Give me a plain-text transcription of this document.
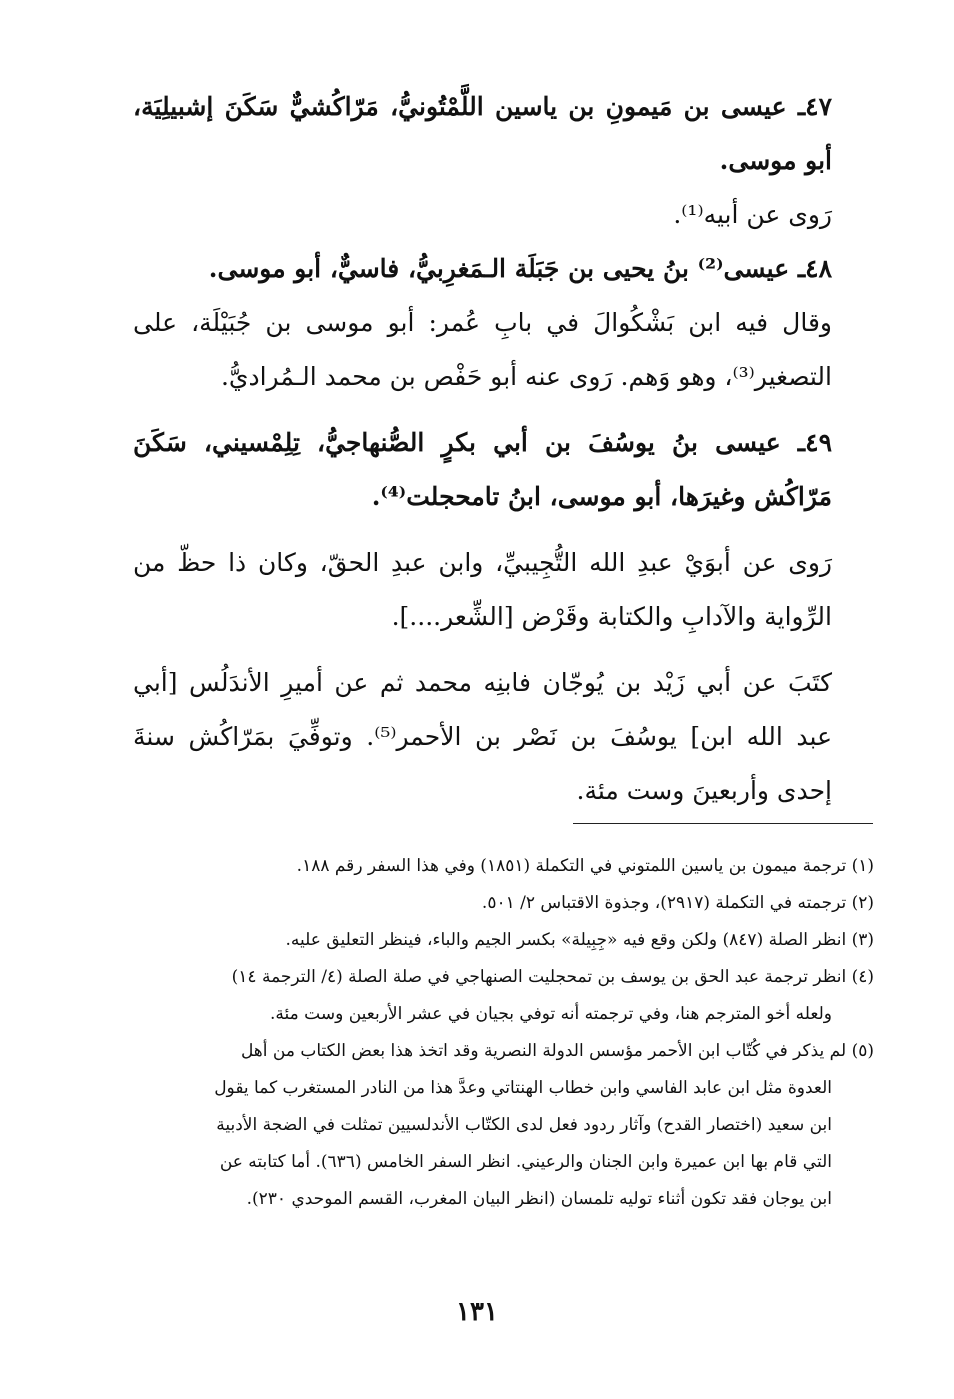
٤٧ـ عيسى بن مَيمونِ بن ياسين اللَّمْتُونيُّ، مَرّاكُشيٌّ سَكَنَ إشبيلِيَة، أبو موسى.

رَوى عن أبيه⁽¹⁾.

٤٨ـ عيسى⁽²⁾ بنُ يحيى بن جَبَلَة الـمَغرِبيُّ، فاسيٌّ، أبو موسى.

وقال فيه ابن بَشْكُوالَ في بابِ عُمر: أبو موسى بن جُبَيْلَة، على التصغير⁽³⁾، وهو وَهم. رَوى عنه أبو حَفْص بن محمد الـمُراديُّ.

٤٩ـ عيسى بنُ يوسُفَ بن أبي بكرٍ الصُّنهاجيُّ، تِلِمْسيني، سَكَنَ مَرّاكُش وغيرَها، أبو موسى، ابنُ تامحجلت⁽⁴⁾.

رَوى عن أبوَيْ عبدِ الله التُّجِيبيِّ، وابن عبدِ الحقّ، وكان ذا حظّ من الرِّواية والآدابِ والكتابة وقَرْض [الشِّعر....].

كتَبَ عن أبي زَيْد بن يُوجّان فابنِه محمد ثم عن أميرِ الأندَلُس [أبي عبد الله ابن] يوسُفَ بن نَصْر بن الأحمر⁽⁵⁾. وتوفِّيَ بمَرّاكُش سنةَ إحدى وأربعينَ وست مئة.

(١) ترجمة ميمون بن ياسين اللمتوني في التكملة (١٨٥١) وفي هذا السفر رقم ١٨٨.

(٢) ترجمته في التكملة (٢٩١٧)، وجذوة الاقتباس ٢/ ٥٠١.

(٣) انظر الصلة (٨٤٧) ولكن وقع فيه «جِبِيلة» بكسر الجيم والباء، فينظر التعليق عليه.

(٤) انظر ترجمة عبد الحق بن يوسف بن تمحجليت الصنهاجي في صلة الصلة (٤/ الترجمة ١٤)

ولعله أخو المترجم هنا، وفي ترجمته أنه توفي بجيان في عشر الأربعين وست مئة.

(٥) لم يذكر في كُتّاب ابن الأحمر مؤسس الدولة النصرية وقد اتخذ هذا بعض الكتاب من أهل

العدوة مثل ابن عابد الفاسي وابن خطاب الهنتاتي وعدَّ هذا من النادر المستغرب كما يقول

ابن سعيد (اختصار القدح) وآثار ردود فعل لدى الكتّاب الأندلسيين تمثلت في الضجة الأدبية

التي قام بها ابن عميرة وابن الجنان والرعيني. انظر السفر الخامس (٦٣٦). أما كتابته عن

ابن يوجان فقد تكون أثناء توليه تلمسان (انظر البيان المغرب، القسم الموحدي ٢٣٠).

١٣١
